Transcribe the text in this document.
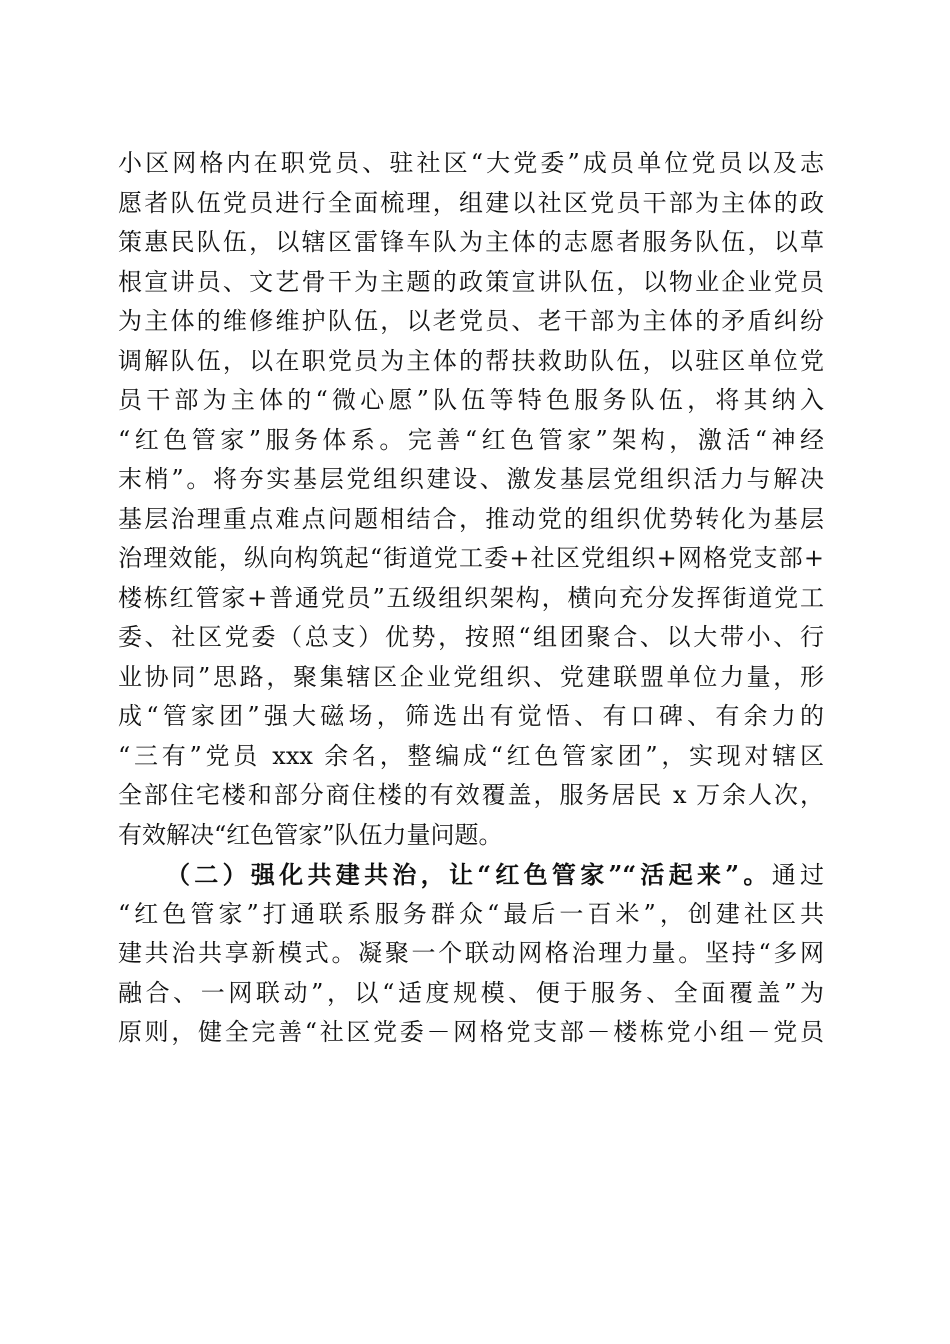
小区网格内在职党员、驻社区“大党委”成员单位党员以及志
愿者队伍党员进行全面梳理，组建以社区党员干部为主体的政
策惠民队伍，以辖区雷锋车队为主体的志愿者服务队伍，以草
根宣讲员、文艺骨干为主题的政策宣讲队伍，以物业企业党员
为主体的维修维护队伍，以老党员、老干部为主体的矛盾纠纷
调解队伍，以在职党员为主体的帮扶救助队伍，以驻区单位党
员干部为主体的“微心愿”队伍等特色服务队伍，将其纳入
“红色管家”服务体系。完善“红色管家”架构，激活“神经
末梢”。将夯实基层党组织建设、激发基层党组织活力与解决
基层治理重点难点问题相结合，推动党的组织优势转化为基层
治理效能，纵向构筑起“街道党工委+社区党组织+网格党支部+
楼栋红管家+普通党员”五级组织架构，横向充分发挥街道党工
委、社区党委（总支）优势，按照“组团聚合、以大带小、行
业协同”思路，聚集辖区企业党组织、党建联盟单位力量，形
成“管家团”强大磁场，筛选出有觉悟、有口碑、有余力的
“三有”党员 xxx 余名，整编成“红色管家团”，实现对辖区
全部住宅楼和部分商住楼的有效覆盖，服务居民 x 万余人次，
有效解决“红色管家”队伍力量问题。
（二）强化共建共治，让“红色管家”“活起来”。通过
“红色管家”打通联系服务群众“最后一百米”，创建社区共
建共治共享新模式。凝聚一个联动网格治理力量。坚持“多网
融合、一网联动”，以“适度规模、便于服务、全面覆盖”为
原则，健全完善“社区党委－网格党支部－楼栋党小组－党员
